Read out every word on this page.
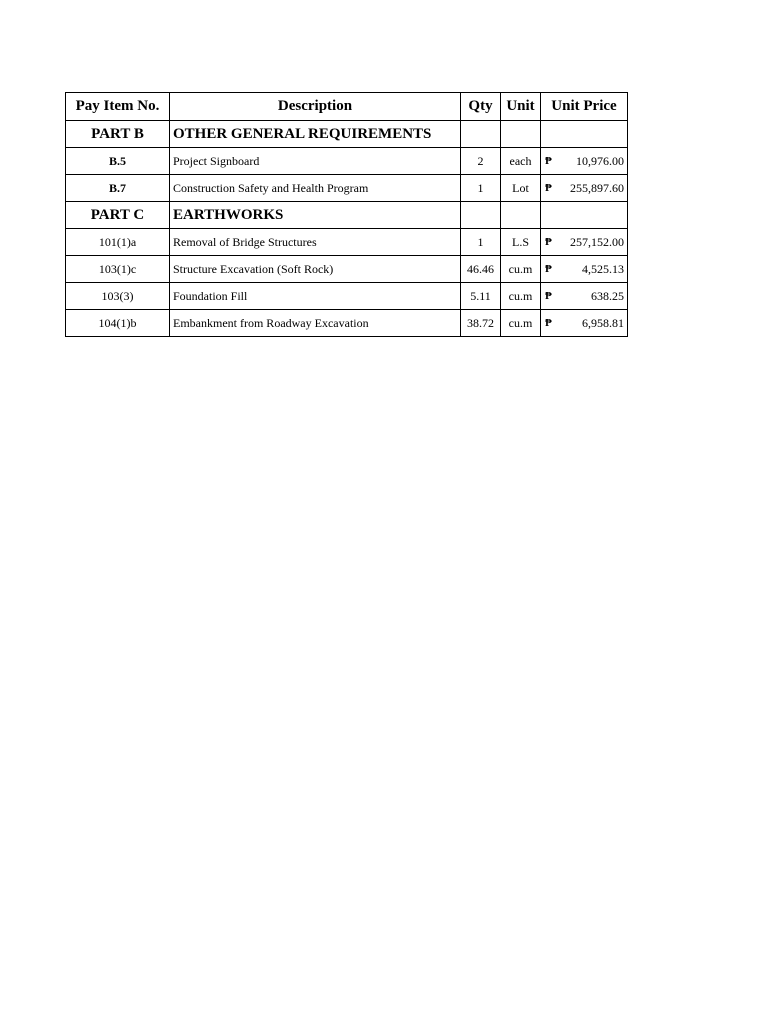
Pay Item No.	Description	Qty	Unit	Unit Price
PART B	OTHER GENERAL REQUIREMENTS			
B.5	Project Signboard	2	each	₱ 10,976.00

B.7	Construction Safety and Health Program	1	Lot	₱ 255,897.60

PART C	EARTHWORKS			
101(1)a	Removal of Bridge Structures	1	L.S	₱ 257,152.00

103(1)c	Structure Excavation (Soft Rock)	46.46	cu.m	₱ 4,525.13

103(3)	Foundation Fill	5.11	cu.m	₱ 638.25

104(1)b	Embankment from Roadway Excavation	38.72	cu.m	₱ 6,958.81
